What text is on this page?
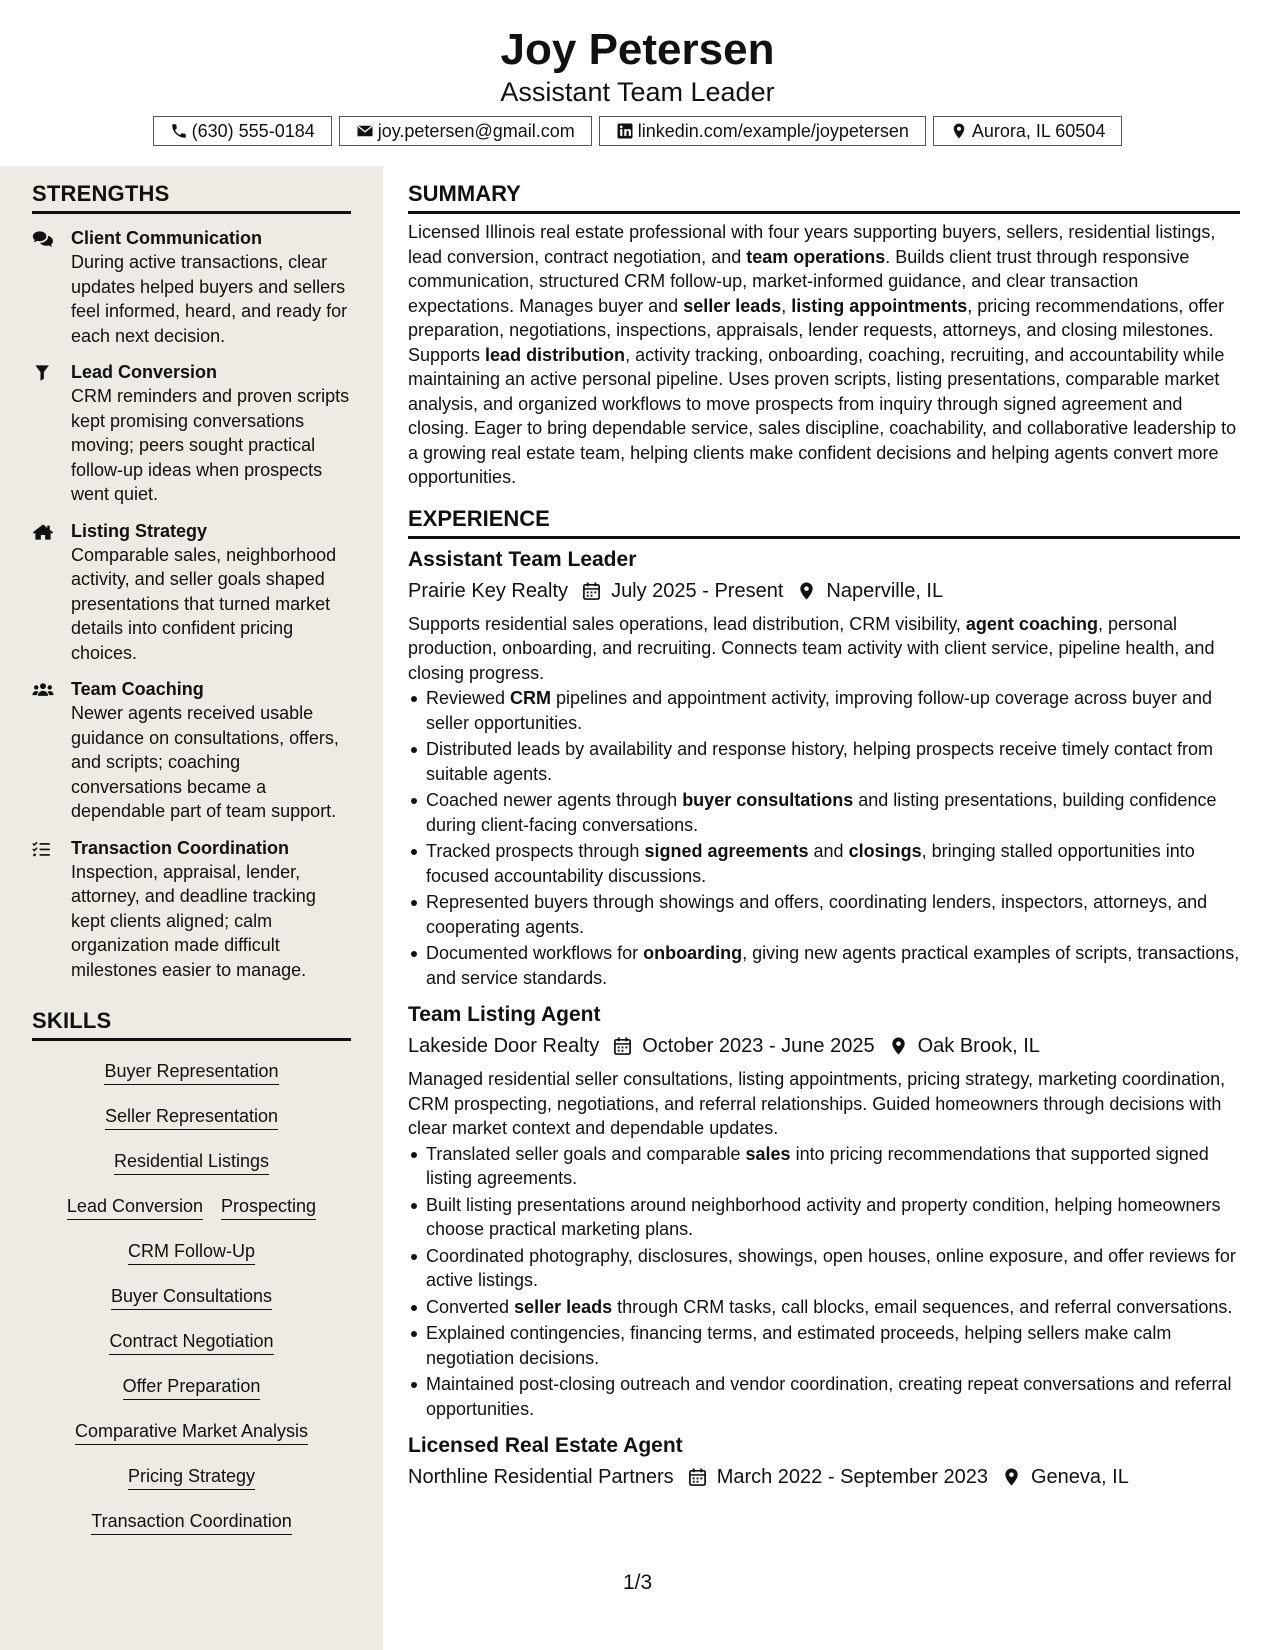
Joy Petersen
Assistant Team Leader
(630) 555-0184	joy.petersen@gmail.com	linkedin.com/example/joypetersen	Aurora, IL 60504
STRENGTHS
Client Communication
During active transactions, clear updates helped buyers and sellers feel informed, heard, and ready for each next decision.
Lead Conversion
CRM reminders and proven scripts kept promising conversations moving; peers sought practical follow-up ideas when prospects went quiet.
Listing Strategy
Comparable sales, neighborhood activity, and seller goals shaped presentations that turned market details into confident pricing choices.
Team Coaching
Newer agents received usable guidance on consultations, offers, and scripts; coaching conversations became a dependable part of team support.
Transaction Coordination
Inspection, appraisal, lender, attorney, and deadline tracking kept clients aligned; calm organization made difficult milestones easier to manage.
SKILLS
Buyer Representation
Seller Representation
Residential Listings
Lead Conversion Prospecting
CRM Follow-Up
Buyer Consultations
Contract Negotiation
Offer Preparation
Comparative Market Analysis
Pricing Strategy
Transaction Coordination
SUMMARY
Licensed Illinois real estate professional with four years supporting buyers, sellers, residential listings, lead conversion, contract negotiation, and team operations. Builds client trust through responsive communication, structured CRM follow-up, market-informed guidance, and clear transaction expectations. Manages buyer and seller leads, listing appointments, pricing recommendations, offer preparation, negotiations, inspections, appraisals, lender requests, attorneys, and closing milestones. Supports lead distribution, activity tracking, onboarding, coaching, recruiting, and accountability while maintaining an active personal pipeline. Uses proven scripts, listing presentations, comparable market analysis, and organized workflows to move prospects from inquiry through signed agreement and closing. Eager to bring dependable service, sales discipline, coachability, and collaborative leadership to a growing real estate team, helping clients make confident decisions and helping agents convert more opportunities.
EXPERIENCE
Assistant Team Leader
Prairie Key Realty July 2025 - Present Naperville, IL
Supports residential sales operations, lead distribution, CRM visibility, agent coaching, personal production, onboarding, and recruiting. Connects team activity with client service, pipeline health, and closing progress.
Reviewed CRM pipelines and appointment activity, improving follow-up coverage across buyer and seller opportunities.
Distributed leads by availability and response history, helping prospects receive timely contact from suitable agents.
Coached newer agents through buyer consultations and listing presentations, building confidence during client-facing conversations.
Tracked prospects through signed agreements and closings, bringing stalled opportunities into focused accountability discussions.
Represented buyers through showings and offers, coordinating lenders, inspectors, attorneys, and cooperating agents.
Documented workflows for onboarding, giving new agents practical examples of scripts, transactions, and service standards.
Team Listing Agent
Lakeside Door Realty October 2023 - June 2025 Oak Brook, IL
Managed residential seller consultations, listing appointments, pricing strategy, marketing coordination, CRM prospecting, negotiations, and referral relationships. Guided homeowners through decisions with clear market context and dependable updates.
Translated seller goals and comparable sales into pricing recommendations that supported signed listing agreements.
Built listing presentations around neighborhood activity and property condition, helping homeowners choose practical marketing plans.
Coordinated photography, disclosures, showings, open houses, online exposure, and offer reviews for active listings.
Converted seller leads through CRM tasks, call blocks, email sequences, and referral conversations.
Explained contingencies, financing terms, and estimated proceeds, helping sellers make calm negotiation decisions.
Maintained post-closing outreach and vendor coordination, creating repeat conversations and referral opportunities.
Licensed Real Estate Agent
Northline Residential Partners March 2022 - September 2023 Geneva, IL
1/3
